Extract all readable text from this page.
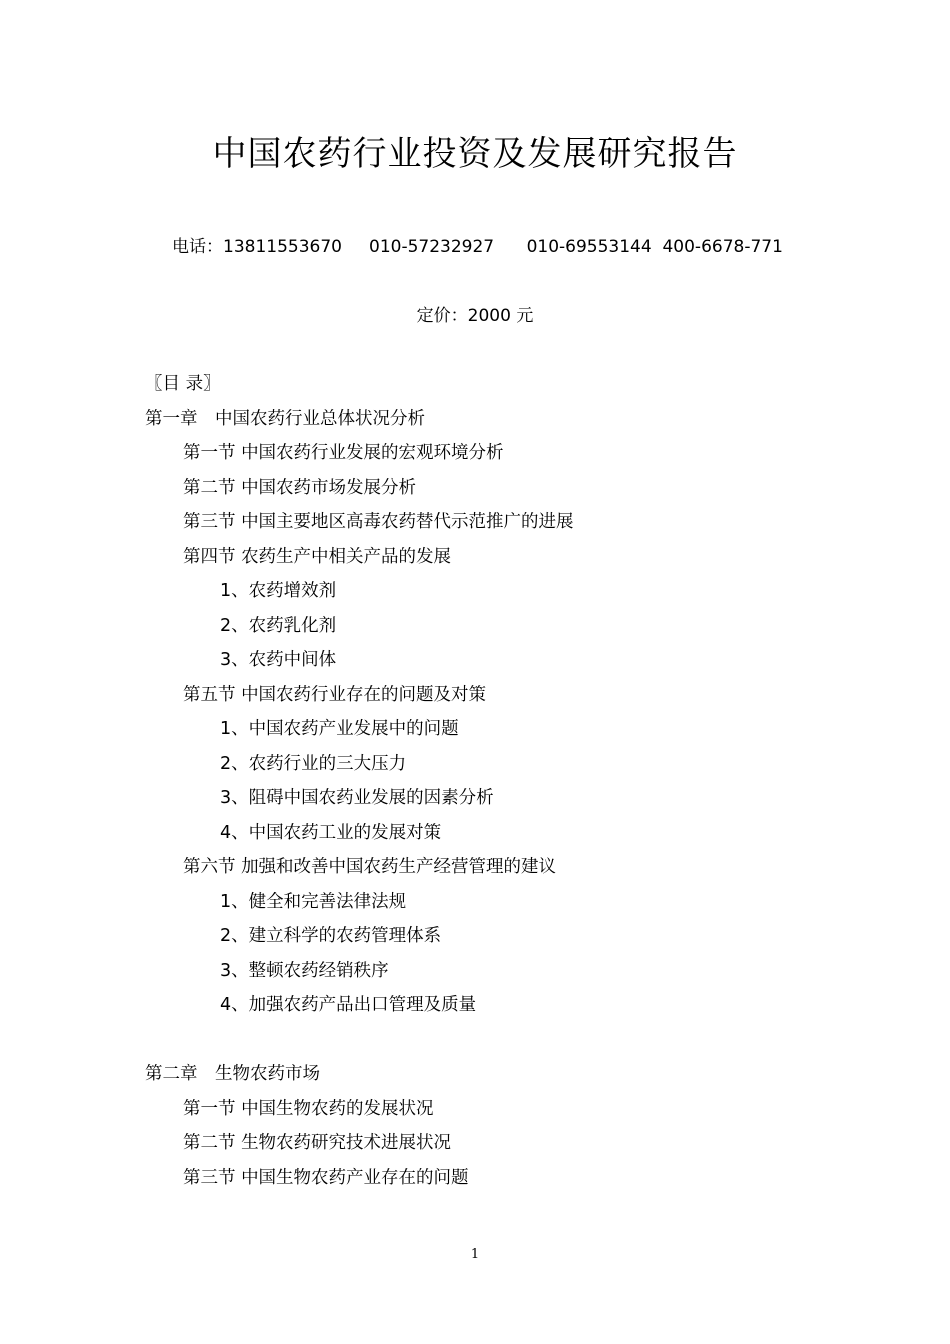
中国农药行业投资及发展研究报告
电话：13811553670 010-57232927 010-69553144 400-6678-771
定价：2000 元
〖目 录〗
第一章　中国农药行业总体状况分析
第一节 中国农药行业发展的宏观环境分析
第二节 中国农药市场发展分析
第三节 中国主要地区高毒农药替代示范推广的进展
第四节 农药生产中相关产品的发展
1、农药增效剂
2、农药乳化剂
3、农药中间体
第五节 中国农药行业存在的问题及对策
1、中国农药产业发展中的问题
2、农药行业的三大压力
3、阻碍中国农药业发展的因素分析
4、中国农药工业的发展对策
第六节 加强和改善中国农药生产经营管理的建议
1、健全和完善法律法规
2、建立科学的农药管理体系
3、整顿农药经销秩序
4、加强农药产品出口管理及质量
第二章　生物农药市场
第一节 中国生物农药的发展状况
第二节 生物农药研究技术进展状况
第三节 中国生物农药产业存在的问题
1
